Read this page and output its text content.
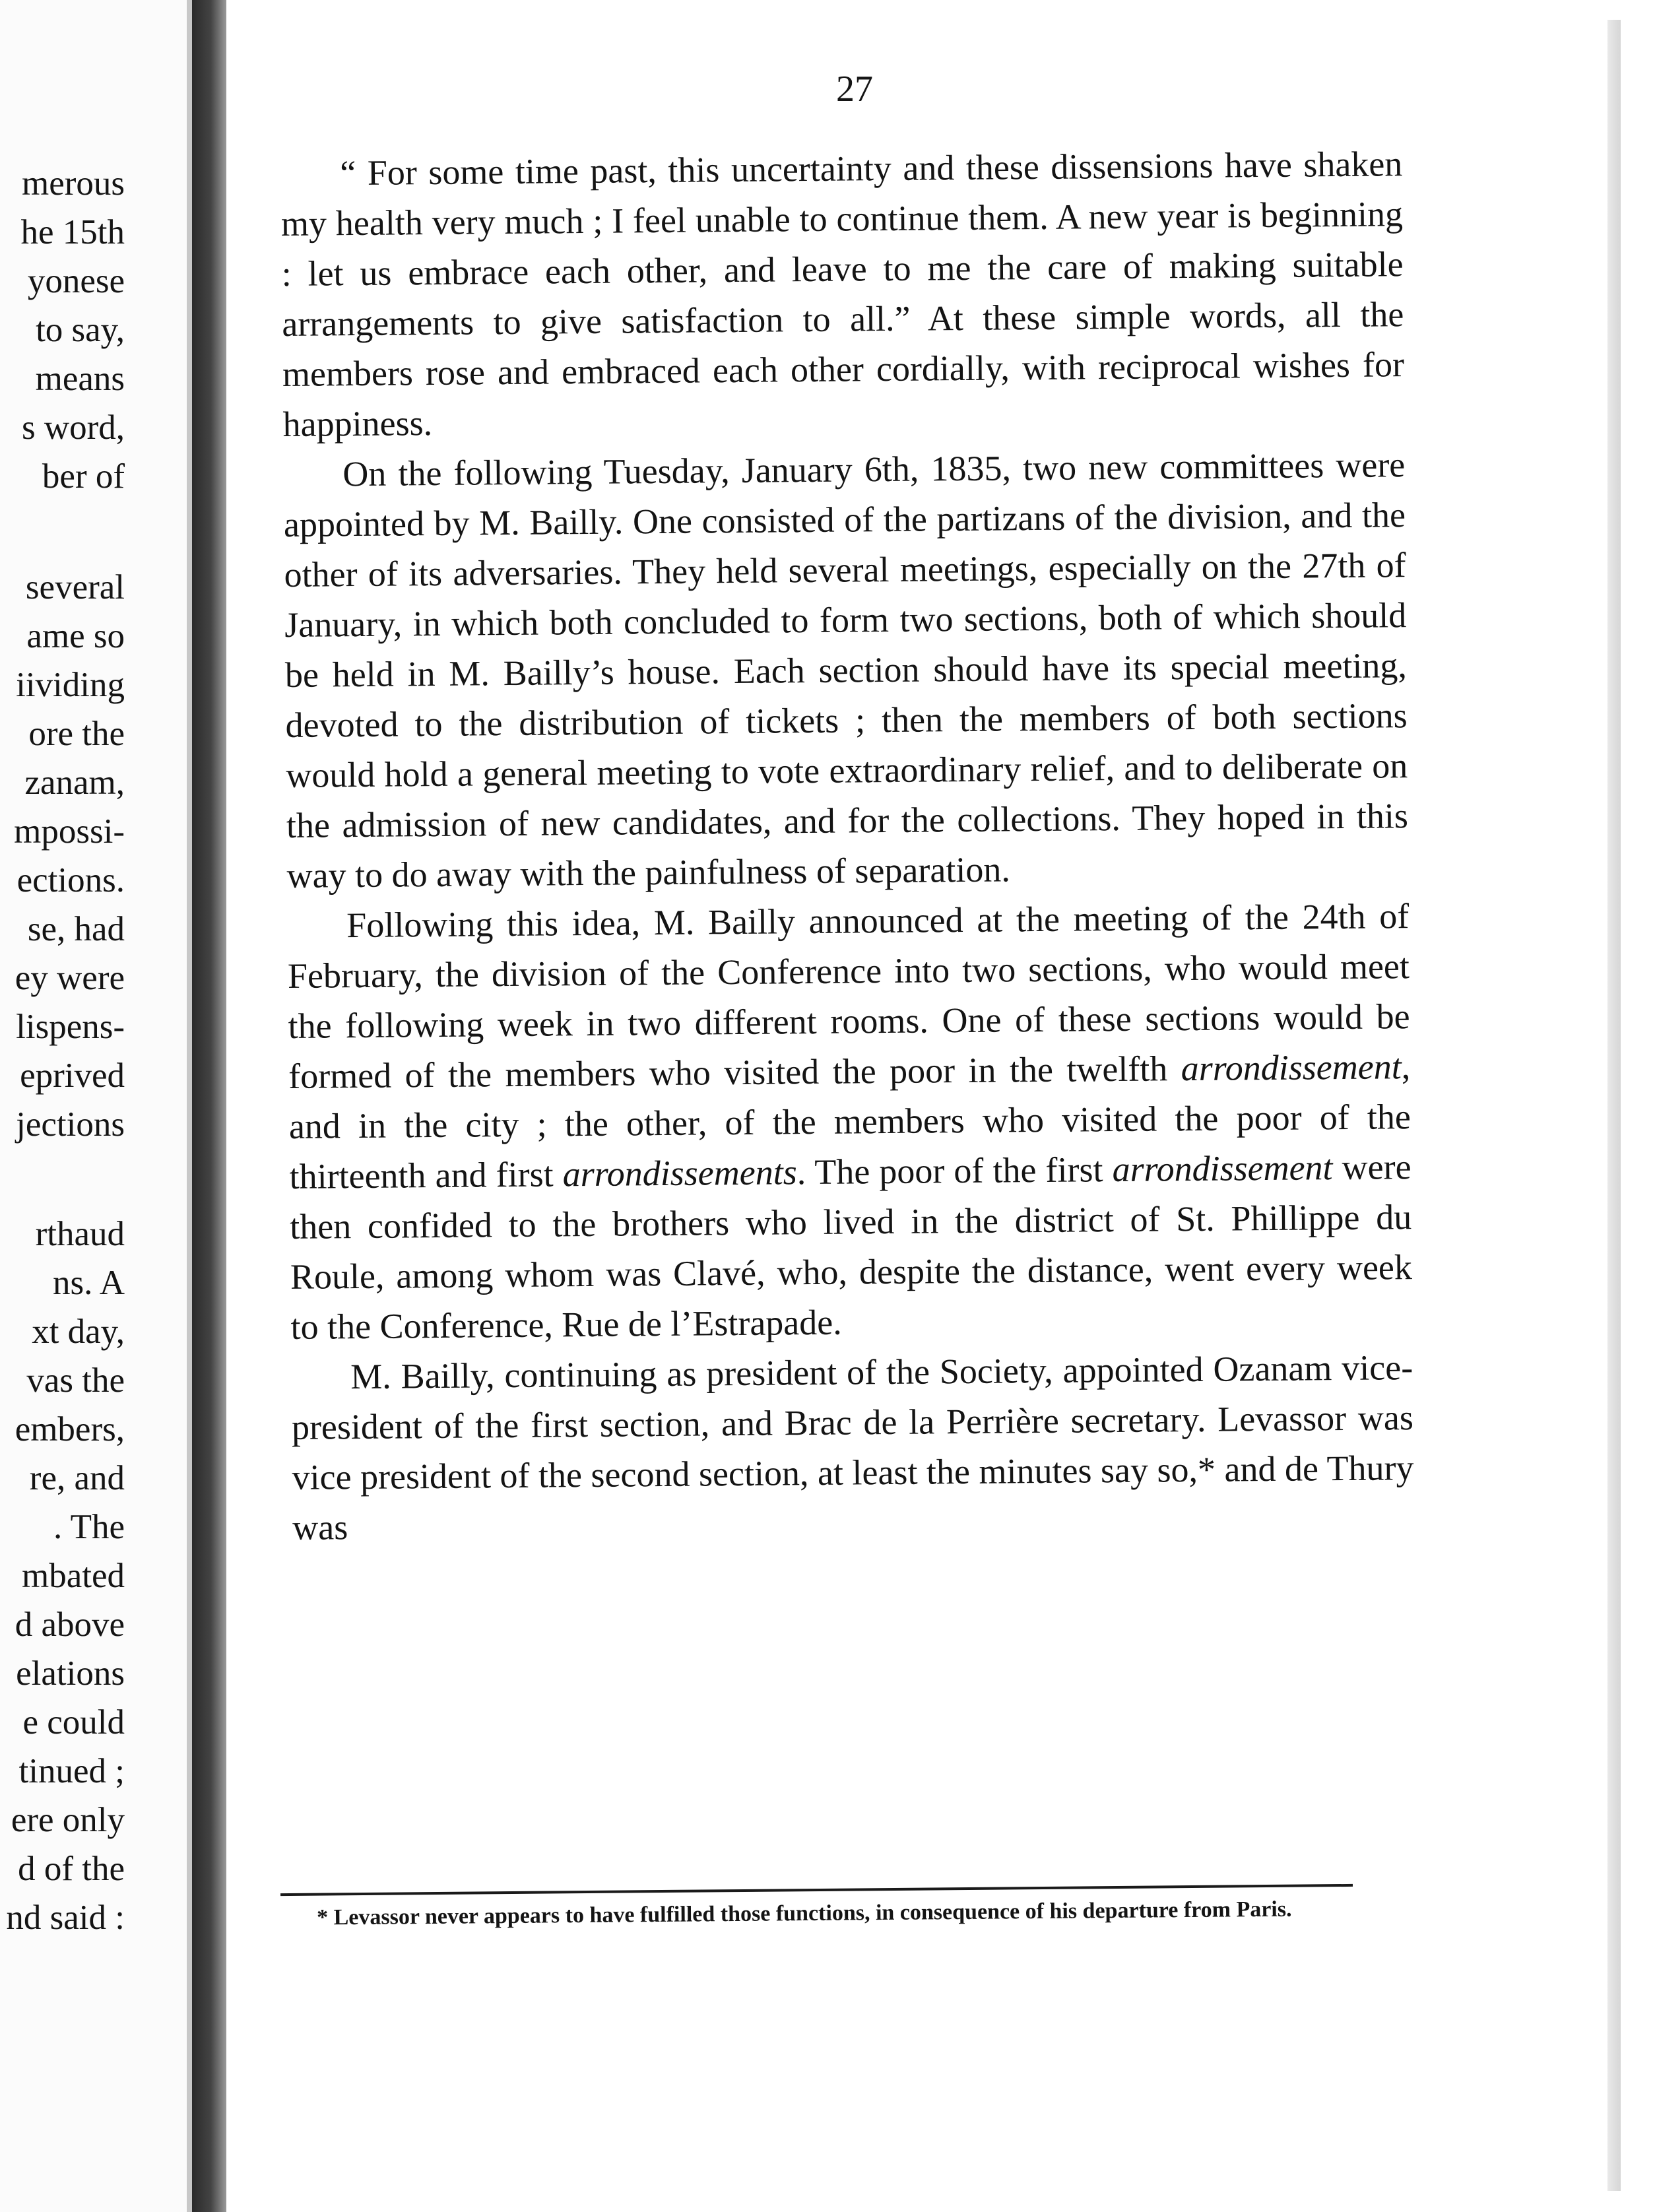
merous
he 15th
yonese
to say,
means
s word,
ber of
several
ame so
iividing
ore the
zanam,
mpossi-
ections.
se, had
ey were
lispens-
eprived
jections
rthaud
ns. A
xt day,
vas the
embers,
re, and
. The
mbated
d above
elations
e could
tinued ;
ere only
d of the
nd said :
27

“ For some time past, this uncertainty and these dissensions have shaken my health very much ; I feel unable to continue them. A new year is beginning : let us embrace each other, and leave to me the care of making suitable arrangements to give satisfaction to all.” At these simple words, all the members rose and embraced each other cordially, with reciprocal wishes for happiness.

On the following Tuesday, January 6th, 1835, two new committees were appointed by M. Bailly. One consisted of the partizans of the division, and the other of its adversaries. They held several meetings, especially on the 27th of January, in which both concluded to form two sections, both of which should be held in M. Bailly’s house. Each section should have its special meeting, devoted to the distribution of tickets ; then the members of both sections would hold a general meeting to vote extraordinary relief, and to deliberate on the admission of new candidates, and for the collections. They hoped in this way to do away with the painfulness of separation.

Following this idea, M. Bailly announced at the meeting of the 24th of February, the division of the Conference into two sections, who would meet the following week in two different rooms. One of these sections would be formed of the members who visited the poor in the twelfth arrondissement, and in the city ; the other, of the members who visited the poor of the thirteenth and first arrondissements. The poor of the first arrondissement were then confided to the brothers who lived in the district of St. Phillippe du Roule, among whom was Clavé, who, despite the distance, went every week to the Conference, Rue de l’Estrapade.

M. Bailly, continuing as president of the Society, appointed Ozanam vice-president of the first section, and Brac de la Perrière secretary. Levassor was vice president of the second section, at least the minutes say so,* and de Thury was

* Levassor never appears to have fulfilled those functions, in consequence of his departure from Paris.
